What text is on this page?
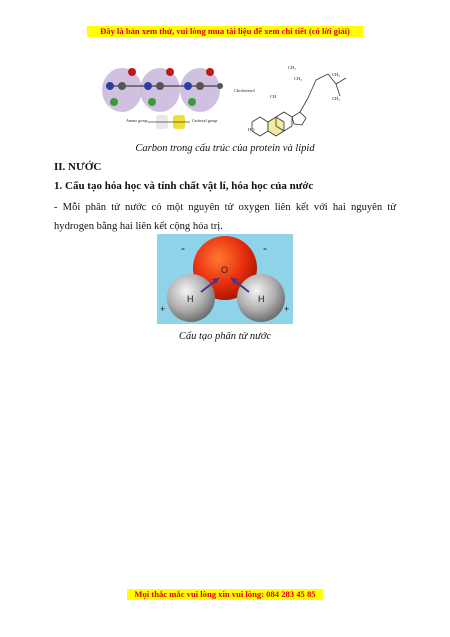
Đây là bản xem thử, vui lòng mua tài liệu để xem chi tiết (có lời giải)
Amino group	Carboxyl group
Cholesterol
CH₃
CH₃
CH₃
CH₃
CH
HO
Carbon trong cấu trúc của protein và lipid
II. NƯỚC
1. Cấu tạo hóa học và tính chất vật lí, hóa học của nước
- Mỗi phân tử nước có một nguyên tử oxygen liên kết với hai nguyên tử hydrogen bằng hai liên kết cộng hóa trị.
O
H	H
-	-
+	+
Cấu tạo phân tử nước
Mọi thắc mắc vui lòng xin vui lòng: 084 283 45 85
